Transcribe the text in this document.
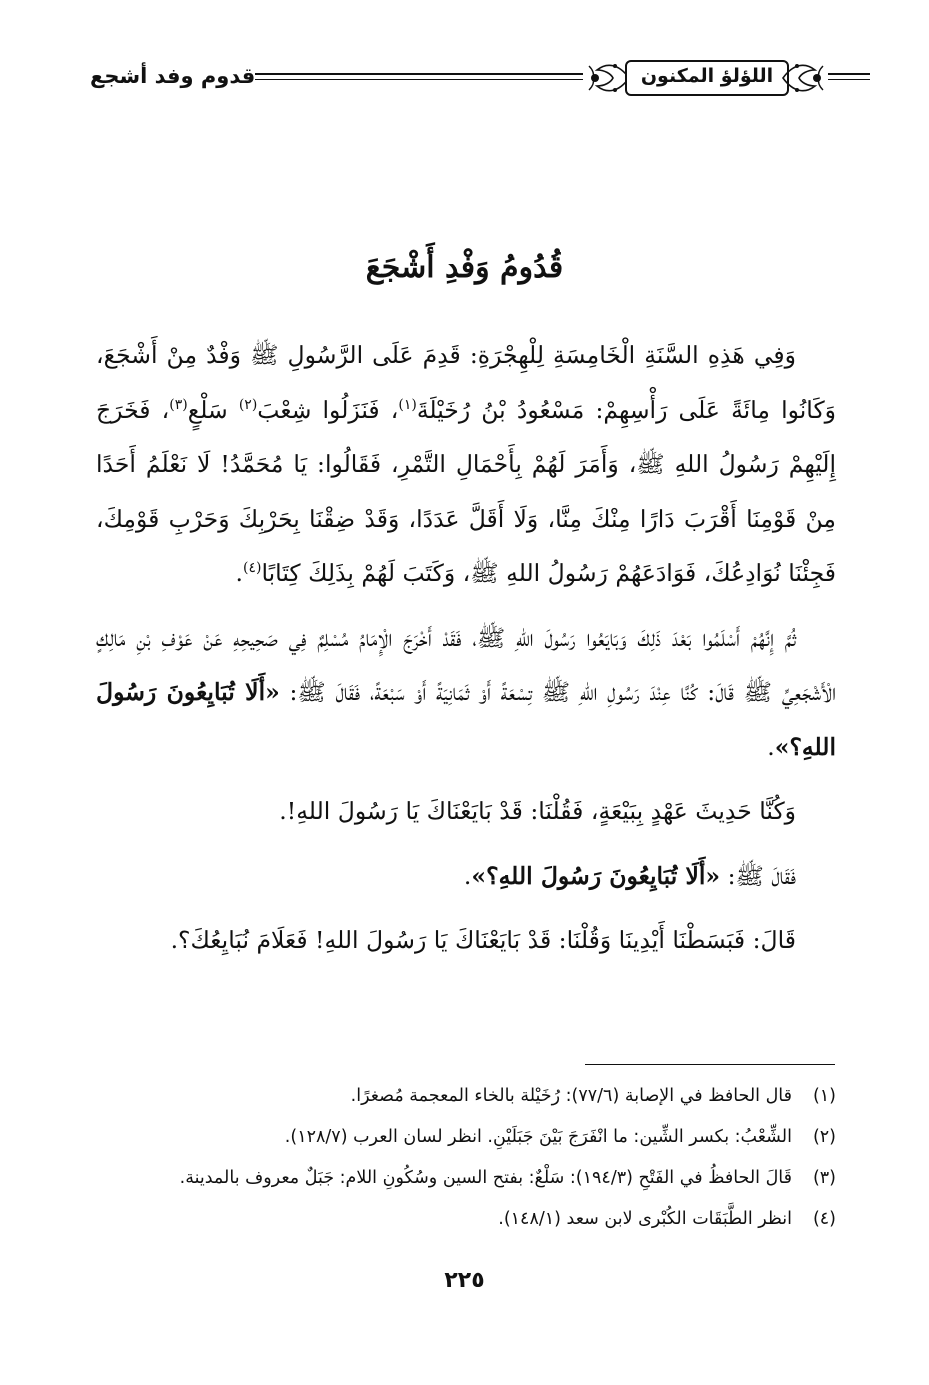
قدوم وفد أشجع	اللؤلؤ المكنون
قُدُومُ وَفْدِ أَشْجَعَ

وَفِي هَذِهِ السَّنَةِ الْخَامِسَةِ لِلْهِجْرَةِ: قَدِمَ عَلَى الرَّسُولِ ﷺ وَفْدٌ مِنْ أَشْجَعَ، وَكَانُوا مِائَةً عَلَى رَأْسِهِمْ: مَسْعُودُ بْنُ رُخَيْلَةَ$^{(١)}$، فَنَزَلُوا شِعْبَ$^{(٢)}$ سَلْعٍ$^{(٣)}$، فَخَرَجَ إِلَيْهِمْ رَسُولُ اللهِ ﷺ، وَأَمَرَ لَهُمْ بِأَحْمَالِ التَّمْرِ، فَقَالُوا: يَا مُحَمَّدُ! لَا نَعْلَمُ أَحَدًا مِنْ قَوْمِنَا أَقْرَبَ دَارًا مِنْكَ مِنَّا، وَلَا أَقَلَّ عَدَدًا، وَقَدْ ضِقْنَا بِحَرْبِكَ وَحَرْبِ قَوْمِكَ، فَجِئْنَا نُوَادِعُكَ، فَوَادَعَهُمْ رَسُولُ اللهِ ﷺ، وَكَتَبَ لَهُمْ بِذَلِكَ كِتَابًا$^{(٤)}$.

ثُمَّ إِنَّهُمْ أَسْلَمُوا بَعْدَ ذَلِكَ وَبَايَعُوا رَسُولَ اللهِ ﷺ، فَقَدْ أَخْرَجَ الْإِمَامُ مُسْلِمٌ فِي صَحِيحِهِ عَنْ عَوْفِ بْنِ مَالِكٍ الْأَشْجَعِيِّ ﷺ قَالَ: كُنَّا عِنْدَ رَسُولِ اللهِ ﷺ تِسْعَةً أَوْ ثَمَانِيَةً أَوْ سَبْعَةً، فَقَالَ ﷺ: «أَلَا تُبَايِعُونَ رَسُولَ اللهِ؟».

وَكُنَّا حَدِيثَ عَهْدٍ بِبَيْعَةٍ، فَقُلْنَا: قَدْ بَايَعْنَاكَ يَا رَسُولَ اللهِ!.

فَقَالَ ﷺ: «أَلَا تُبَايِعُونَ رَسُولَ اللهِ؟».

قَالَ: فَبَسَطْنَا أَيْدِينَا وَقُلْنَا: قَدْ بَايَعْنَاكَ يَا رَسُولَ اللهِ! فَعَلَامَ نُبَايِعُكَ؟.

(١)قال الحافظ في الإصابة (٧٧/٦): رُخَيْلة بالخاء المعجمة مُصغرًا.
(٢)الشِّعْبُ: بكسر الشِّين: ما انْفَرَجَ بَيْنَ جَبَلَيْنِ. انظر لسان العرب (١٢٨/٧).
(٣)قَالَ الحافظُ في الفَتْحِ (١٩٤/٣): سَلْعٌ: بفتح السين وسُكُونِ اللام: جَبَلٌ معروف بالمدينة.
(٤)انظر الطَّبَقَات الكُبْرى لابن سعد (١٤٨/١).
٢٢٥
